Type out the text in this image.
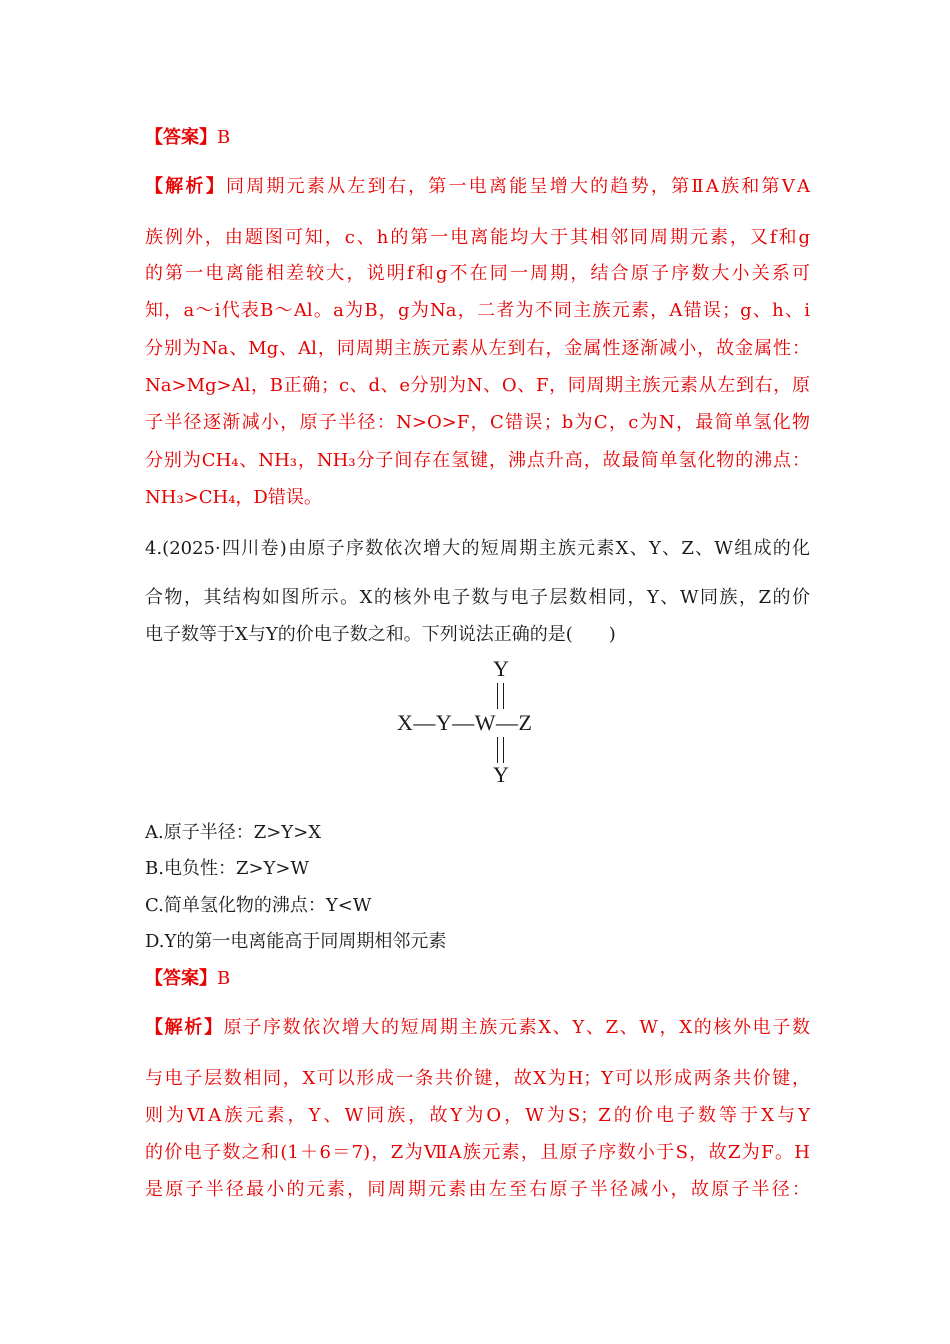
【答案】B
【解析】同周期元素从左到右，第一电离能呈增大的趋势，第ⅡA族和第ⅤA
族例外，由题图可知，c、h的第一电离能均大于其相邻同周期元素，又f和g
的第一电离能相差较大，说明f和g不在同一周期，结合原子序数大小关系可
知，a～i代表B～Al。a为B，g为Na，二者为不同主族元素，A错误；g、h、i
分别为Na、Mg、Al，同周期主族元素从左到右，金属性逐渐减小，故金属性：
Na>Mg>Al，B正确；c、d、e分别为N、O、F，同周期主族元素从左到右，原
子半径逐渐减小，原子半径：N>O>F，C错误；b为C，c为N，最简单氢化物
分别为CH₄、NH₃，NH₃分子间存在氢键，沸点升高，故最简单氢化物的沸点：
NH₃>CH₄，D错误。
4.(2025·四川卷)由原子序数依次增大的短周期主族元素X、Y、Z、W组成的化
合物，其结构如图所示。X的核外电子数与电子层数相同，Y、W同族，Z的价
电子数等于X与Y的价电子数之和。下列说法正确的是(　　)
Y
X—Y—W—Z
Y
A.原子半径：Z>Y>X
B.电负性：Z>Y>W
C.简单氢化物的沸点：Y<W
D.Y的第一电离能高于同周期相邻元素
【答案】B
【解析】原子序数依次增大的短周期主族元素X、Y、Z、W，X的核外电子数
与电子层数相同，X可以形成一条共价键，故X为H；Y可以形成两条共价键，
则为ⅥA族元素，Y、W同族，故Y为O，W为S；Z的价电子数等于X与Y
的价电子数之和(1＋6＝7)，Z为ⅦA族元素，且原子序数小于S，故Z为F。H
是原子半径最小的元素，同周期元素由左至右原子半径减小，故原子半径：
